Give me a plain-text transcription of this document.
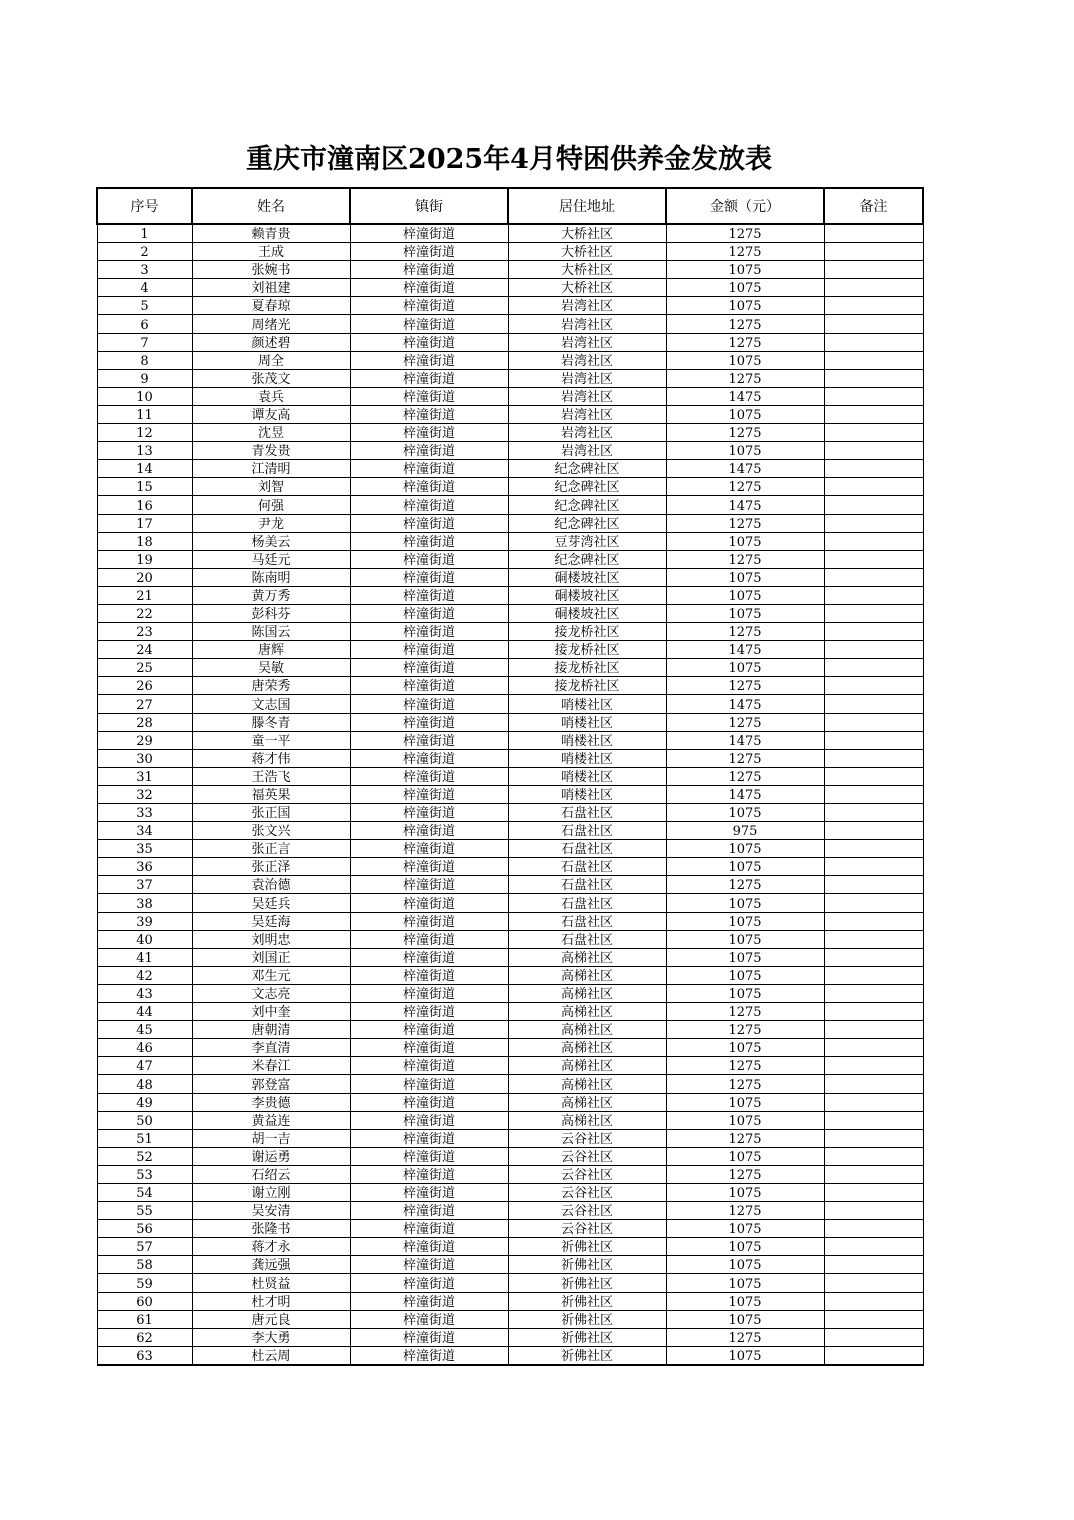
重庆市潼南区2025年4月特困供养金发放表
序号	姓名	镇街	居住地址	金额（元）	备注
1	赖青贵	梓潼街道	大桥社区	1275	
2	王成	梓潼街道	大桥社区	1275	
3	张婉书	梓潼街道	大桥社区	1075	
4	刘祖建	梓潼街道	大桥社区	1075	
5	夏春琼	梓潼街道	岩湾社区	1075	
6	周绪光	梓潼街道	岩湾社区	1275	
7	颜述碧	梓潼街道	岩湾社区	1275	
8	周全	梓潼街道	岩湾社区	1075	
9	张茂文	梓潼街道	岩湾社区	1275	
10	袁兵	梓潼街道	岩湾社区	1475	
11	谭友高	梓潼街道	岩湾社区	1075	
12	沈昱	梓潼街道	岩湾社区	1275	
13	青发贵	梓潼街道	岩湾社区	1075	
14	江清明	梓潼街道	纪念碑社区	1475	
15	刘智	梓潼街道	纪念碑社区	1275	
16	何强	梓潼街道	纪念碑社区	1475	
17	尹龙	梓潼街道	纪念碑社区	1275	
18	杨美云	梓潼街道	豆芽湾社区	1075	
19	马廷元	梓潼街道	纪念碑社区	1275	
20	陈南明	梓潼街道	硐楼坡社区	1075	
21	黄万秀	梓潼街道	硐楼坡社区	1075	
22	彭科芬	梓潼街道	硐楼坡社区	1075	
23	陈国云	梓潼街道	接龙桥社区	1275	
24	唐辉	梓潼街道	接龙桥社区	1475	
25	吴敏	梓潼街道	接龙桥社区	1075	
26	唐荣秀	梓潼街道	接龙桥社区	1275	
27	文志国	梓潼街道	哨楼社区	1475	
28	滕冬青	梓潼街道	哨楼社区	1275	
29	童一平	梓潼街道	哨楼社区	1475	
30	蒋才伟	梓潼街道	哨楼社区	1275	
31	王浩飞	梓潼街道	哨楼社区	1275	
32	福英果	梓潼街道	哨楼社区	1475	
33	张正国	梓潼街道	石盘社区	1075	
34	张文兴	梓潼街道	石盘社区	975	
35	张正言	梓潼街道	石盘社区	1075	
36	张正泽	梓潼街道	石盘社区	1075	
37	袁治德	梓潼街道	石盘社区	1275	
38	吴廷兵	梓潼街道	石盘社区	1075	
39	吴廷海	梓潼街道	石盘社区	1075	
40	刘明忠	梓潼街道	石盘社区	1075	
41	刘国正	梓潼街道	高梯社区	1075	
42	邓生元	梓潼街道	高梯社区	1075	
43	文志亮	梓潼街道	高梯社区	1075	
44	刘中奎	梓潼街道	高梯社区	1275	
45	唐朝清	梓潼街道	高梯社区	1275	
46	李直清	梓潼街道	高梯社区	1075	
47	米春江	梓潼街道	高梯社区	1275	
48	郭登富	梓潼街道	高梯社区	1275	
49	李贵德	梓潼街道	高梯社区	1075	
50	黄益连	梓潼街道	高梯社区	1075	
51	胡一吉	梓潼街道	云谷社区	1275	
52	谢运勇	梓潼街道	云谷社区	1075	
53	石绍云	梓潼街道	云谷社区	1275	
54	谢立刚	梓潼街道	云谷社区	1075	
55	吴安清	梓潼街道	云谷社区	1275	
56	张隆书	梓潼街道	云谷社区	1075	
57	蒋才永	梓潼街道	祈佛社区	1075	
58	龚远强	梓潼街道	祈佛社区	1075	
59	杜贤益	梓潼街道	祈佛社区	1075	
60	杜才明	梓潼街道	祈佛社区	1075	
61	唐元良	梓潼街道	祈佛社区	1075	
62	李大勇	梓潼街道	祈佛社区	1275	
63	杜云周	梓潼街道	祈佛社区	1075	
